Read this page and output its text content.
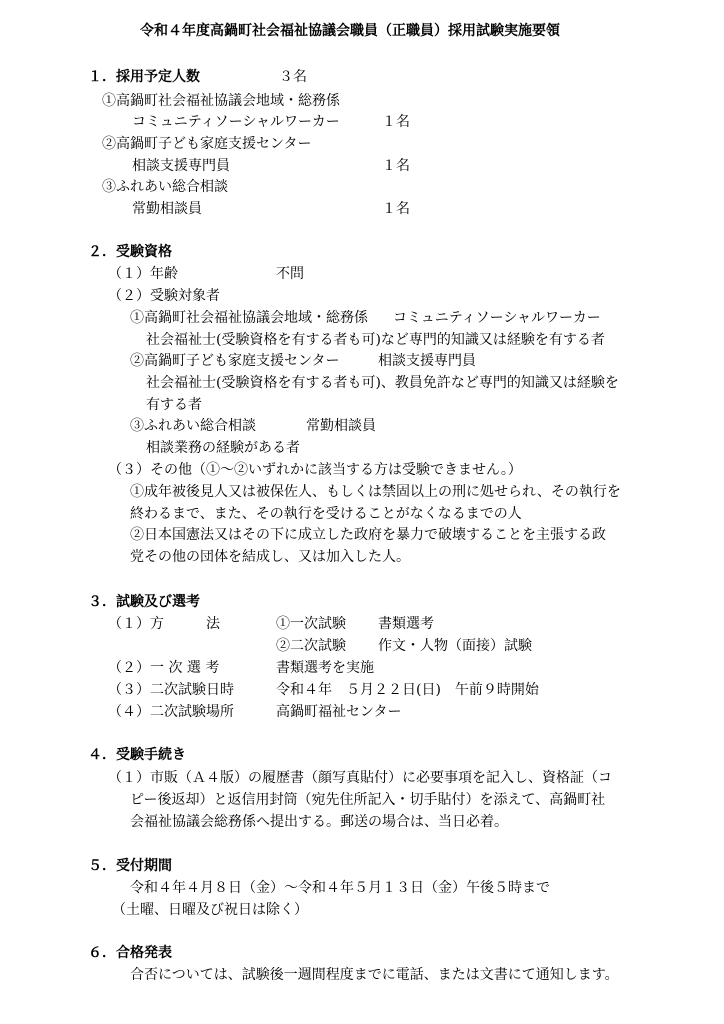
令和４年度高鍋町社会福祉協議会職員（正職員）採用試験実施要領
１．採用予定人数	３名
①高鍋町社会福祉協議会地域・総務係
コミュニティソーシャルワーカー	１名
②高鍋町子ども家庭支援センター
相談支援専門員	１名
③ふれあい総合相談
常勤相談員	１名
２．受験資格
（１）年齢	不問
（２）受験対象者
①高鍋町社会福祉協議会地域・総務係 コミュニティソーシャルワーカー
社会福祉士(受験資格を有する者も可)など専門的知識又は経験を有する者
②高鍋町子ども家庭支援センター	相談支援専門員
社会福祉士(受験資格を有する者も可)、教員免許など専門的知識又は経験を
有する者
③ふれあい総合相談	常勤相談員
相談業務の経験がある者
（３）その他（①～②いずれかに該当する方は受験できません。）
①成年被後見人又は被保佐人、もしくは禁固以上の刑に処せられ、その執行を
終わるまで、また、その執行を受けることがなくなるまでの人
②日本国憲法又はその下に成立した政府を暴力で破壊することを主張する政
党その他の団体を結成し、又は加入した人。
３．試験及び選考
（１）方　　　法	①一次試験 書類選考
②二次試験 作文・人物（面接）試験
（２）一 次 選 考	書類選考を実施
（３）二次試験日時	令和４年　５月２２日(日)　午前９時開始
（４）二次試験場所	高鍋町福祉センター
４．受験手続き
（１）市販（Ａ４版）の履歴書（顔写真貼付）に必要事項を記入し、資格証（コ
ピー後返却）と返信用封筒（宛先住所記入・切手貼付）を添えて、高鍋町社
会福祉協議会総務係へ提出する。郵送の場合は、当日必着。
５．受付期間
令和４年４月８日（金）～令和４年５月１３日（金）午後５時まで
（土曜、日曜及び祝日は除く）
６．合格発表
合否については、試験後一週間程度までに電話、または文書にて通知します。
